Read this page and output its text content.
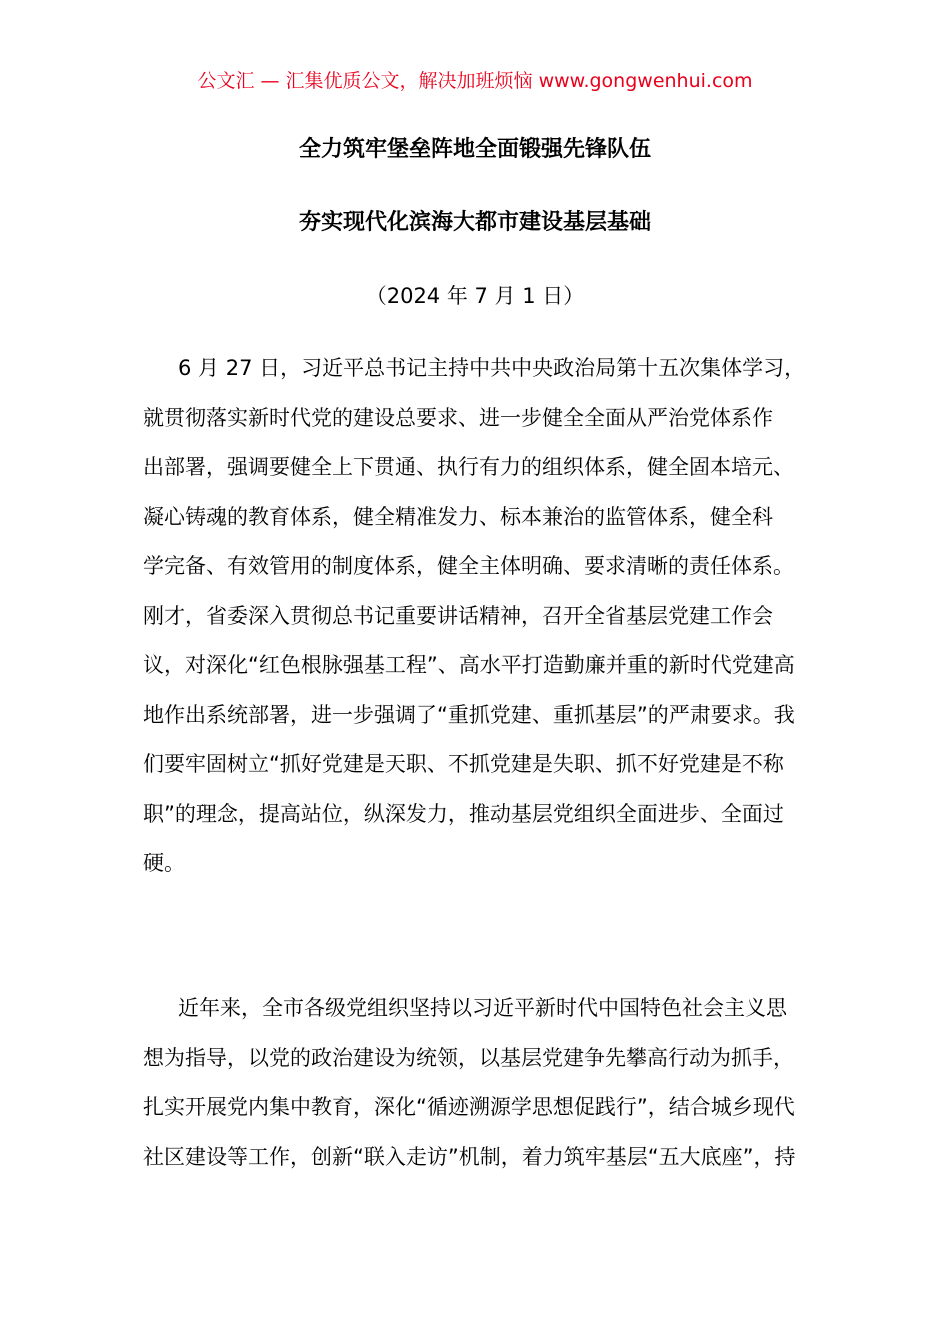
公文汇 — 汇集优质公文，解决加班烦恼 www.gongwenhui.com
全力筑牢堡垒阵地全面锻强先锋队伍
夯实现代化滨海大都市建设基层基础
（2024 年 7 月 1 日）
6 月 27 日，习近平总书记主持中共中央政治局第十五次集体学习，
就贯彻落实新时代党的建设总要求、进一步健全全面从严治党体系作
出部署，强调要健全上下贯通、执行有力的组织体系，健全固本培元、
凝心铸魂的教育体系，健全精准发力、标本兼治的监管体系，健全科
学完备、有效管用的制度体系，健全主体明确、要求清晰的责任体系。
刚才，省委深入贯彻总书记重要讲话精神，召开全省基层党建工作会
议，对深化“红色根脉强基工程”、高水平打造勤廉并重的新时代党建高
地作出系统部署，进一步强调了“重抓党建、重抓基层”的严肃要求。我
们要牢固树立“抓好党建是天职、不抓党建是失职、抓不好党建是不称
职”的理念，提高站位，纵深发力，推动基层党组织全面进步、全面过
硬。
近年来，全市各级党组织坚持以习近平新时代中国特色社会主义思
想为指导，以党的政治建设为统领，以基层党建争先攀高行动为抓手，
扎实开展党内集中教育，深化“循迹溯源学思想促践行”，结合城乡现代
社区建设等工作，创新“联入走访”机制，着力筑牢基层“五大底座”，持
